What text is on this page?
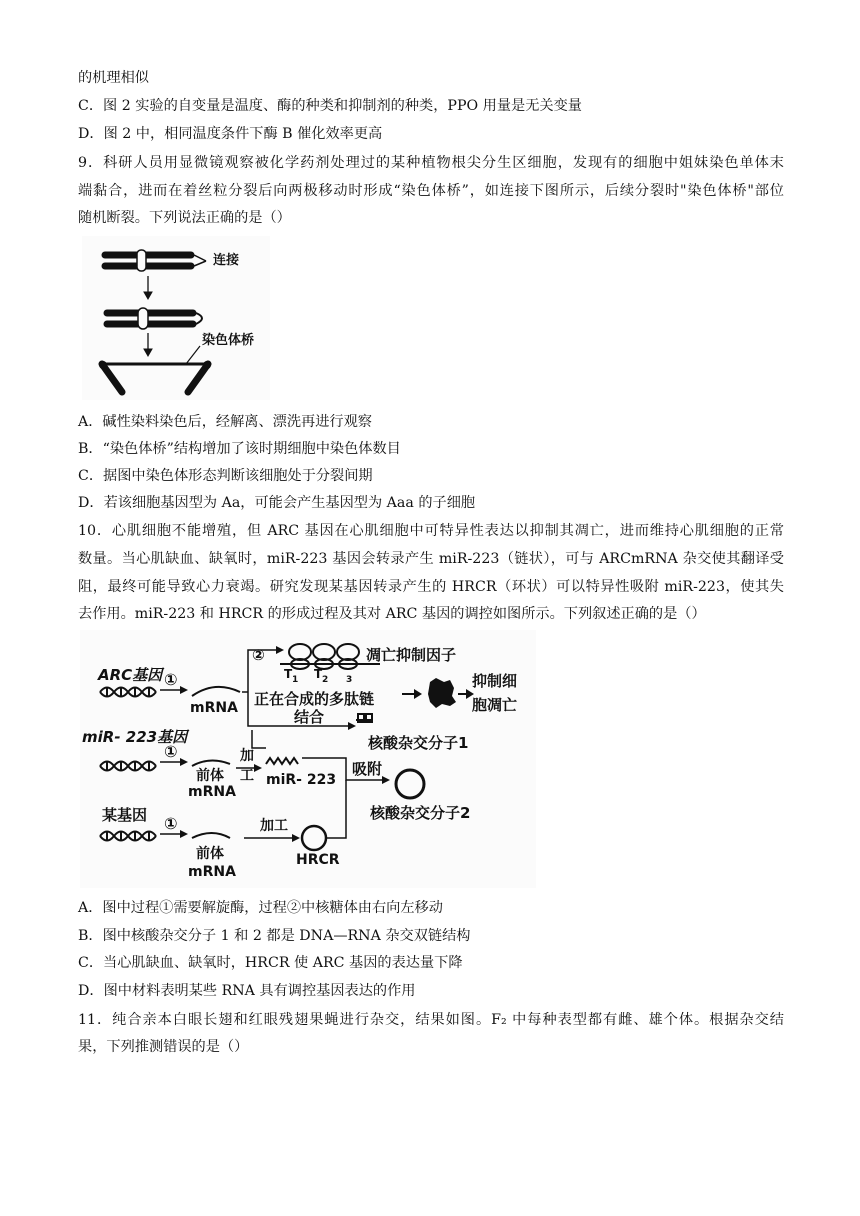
的机理相似
C．图 2 实验的自变量是温度、酶的种类和抑制剂的种类，PPO 用量是无关变量
D．图 2 中，相同温度条件下酶 B 催化效率更高
9．科研人员用显微镜观察被化学药剂处理过的某种植物根尖分生区细胞，发现有的细胞中姐妹染色单体末
端黏合，进而在着丝粒分裂后向两极移动时形成“染色体桥”，如连接下图所示，后续分裂时"染色体桥"部位
随机断裂。下列说法正确的是（）
连接
染色体桥
A．碱性染料染色后，经解离、漂洗再进行观察
B．“染色体桥”结构增加了该时期细胞中染色体数目
C．据图中染色体形态判断该细胞处于分裂间期
D．若该细胞基因型为 Aa，可能会产生基因型为 Aaa 的子细胞
10．心肌细胞不能增殖，但 ARC 基因在心肌细胞中可特异性表达以抑制其凋亡，进而维持心肌细胞的正常
数量。当心肌缺血、缺氧时，miR-223 基因会转录产生 miR-223（链状），可与 ARCmRNA 杂交使其翻译受
阻，最终可能导致心力衰竭。研究发现某基因转录产生的 HRCR（环状）可以特异性吸附 miR-223，使其失
去作用。miR-223 和 HRCR 的形成过程及其对 ARC 基因的调控如图所示。下列叙述正确的是（）
ARC基因 ①
mRNA
②
T 1 T 2 3
正在合成的多肽链
凋亡抑制因子
抑制细
胞凋亡
结合
核酸杂交分子1
miR- 223基因
①
前体
mRNA
加
工 miR- 223
吸附
核酸杂交分子2
某基因 ①
前体
mRNA
加工
HRCR
A．图中过程①需要解旋酶，过程②中核糖体由右向左移动
B．图中核酸杂交分子 1 和 2 都是 DNA—RNA 杂交双链结构
C．当心肌缺血、缺氧时，HRCR 使 ARC 基因的表达量下降
D．图中材料表明某些 RNA 具有调控基因表达的作用
11．纯合亲本白眼长翅和红眼残翅果蝇进行杂交，结果如图。F₂ 中每种表型都有雌、雄个体。根据杂交结
果，下列推测错误的是（）
